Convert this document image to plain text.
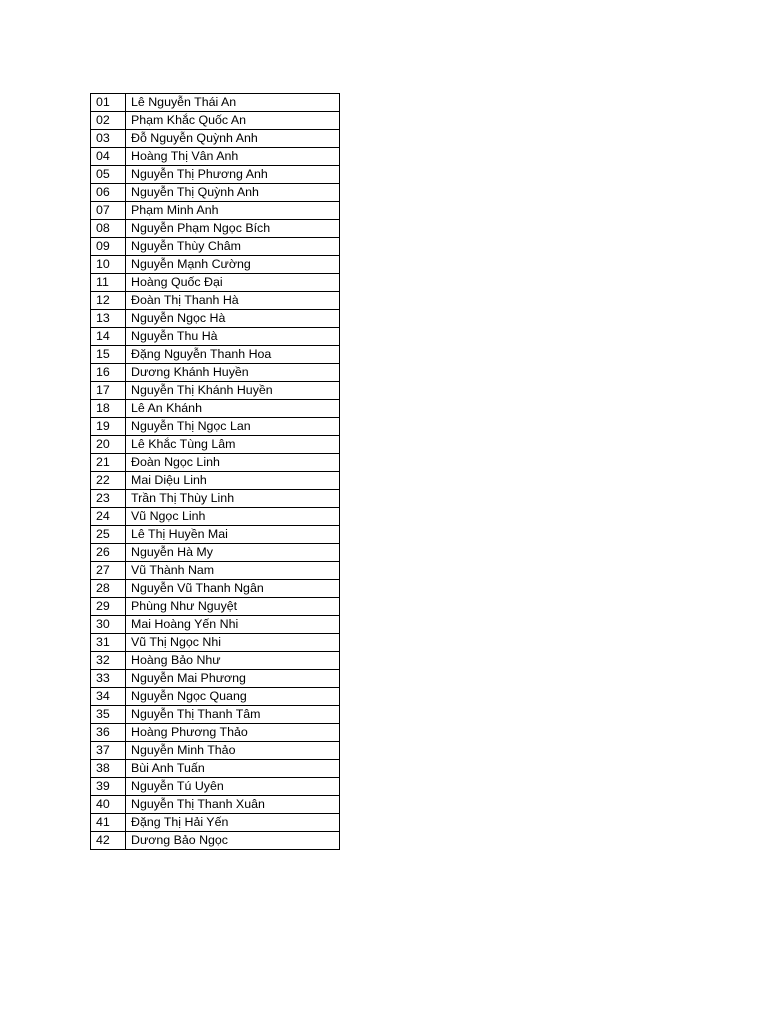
01	Lê Nguyễn Thái An
02	Phạm Khắc Quốc An
03	Đỗ Nguyễn Quỳnh Anh
04	Hoàng Thị Vân Anh
05	Nguyễn Thị Phương Anh
06	Nguyễn Thị Quỳnh Anh
07	Phạm Minh Anh
08	Nguyễn Phạm Ngọc Bích
09	Nguyễn Thùy Châm
10	Nguyễn Mạnh Cường
11	Hoàng Quốc Đại
12	Đoàn Thị Thanh Hà
13	Nguyễn Ngọc Hà
14	Nguyễn Thu Hà
15	Đặng Nguyễn Thanh Hoa
16	Dương Khánh Huyền
17	Nguyễn Thị Khánh Huyền
18	Lê An Khánh
19	Nguyễn Thị Ngọc Lan
20	Lê Khắc Tùng Lâm
21	Đoàn Ngọc Linh
22	Mai Diệu Linh
23	Trần Thị Thùy Linh
24	Vũ Ngọc Linh
25	Lê Thị Huyền Mai
26	Nguyễn Hà My
27	Vũ Thành Nam
28	Nguyễn Vũ Thanh Ngân
29	Phùng Như Nguyệt
30	Mai Hoàng Yến Nhi
31	Vũ Thị Ngọc Nhi
32	Hoàng Bảo Như
33	Nguyễn Mai Phương
34	Nguyễn Ngọc Quang
35	Nguyễn Thị Thanh Tâm
36	Hoàng Phương Thảo
37	Nguyễn Minh Thảo
38	Bùi Anh Tuấn
39	Nguyễn Tú Uyên
40	Nguyễn Thị Thanh Xuân
41	Đặng Thị Hải Yến
42	Dương Bảo Ngọc
